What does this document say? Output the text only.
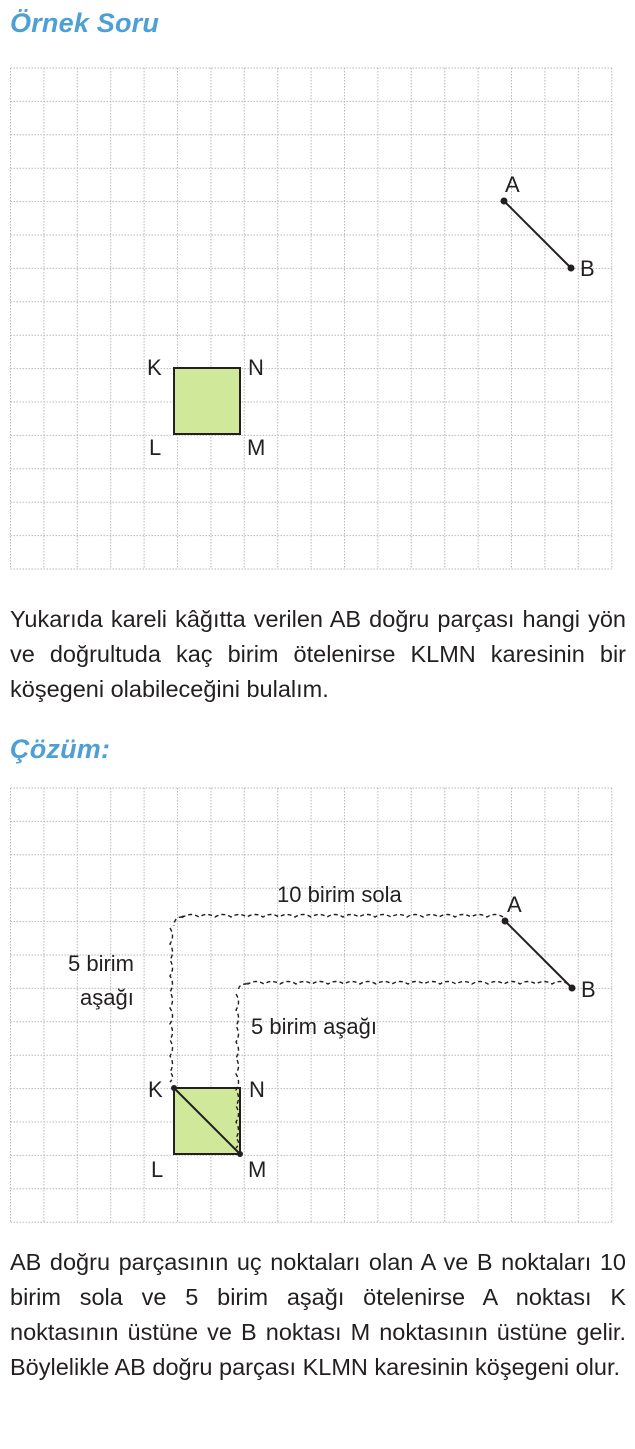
Örnek Soru
A
B
K	N
L	M

Yukarıda kareli kâğıtta verilen AB doğru parçası hangi yön ve doğrultuda kaç birim ötelenirse KLMN karesinin bir köşegeni olabileceğini bulalım.

Çözüm:
10 birim sola
5 birim
aşağı
5 birim aşağı
A
B
K	N
L	M

AB doğru parçasının uç noktaları olan A ve B noktaları 10 birim sola ve 5 birim aşağı ötelenirse A noktası K noktasının üstüne ve B noktası M noktasının üstüne gelir. Böylelikle AB doğru parçası KLMN karesinin köşegeni olur.
